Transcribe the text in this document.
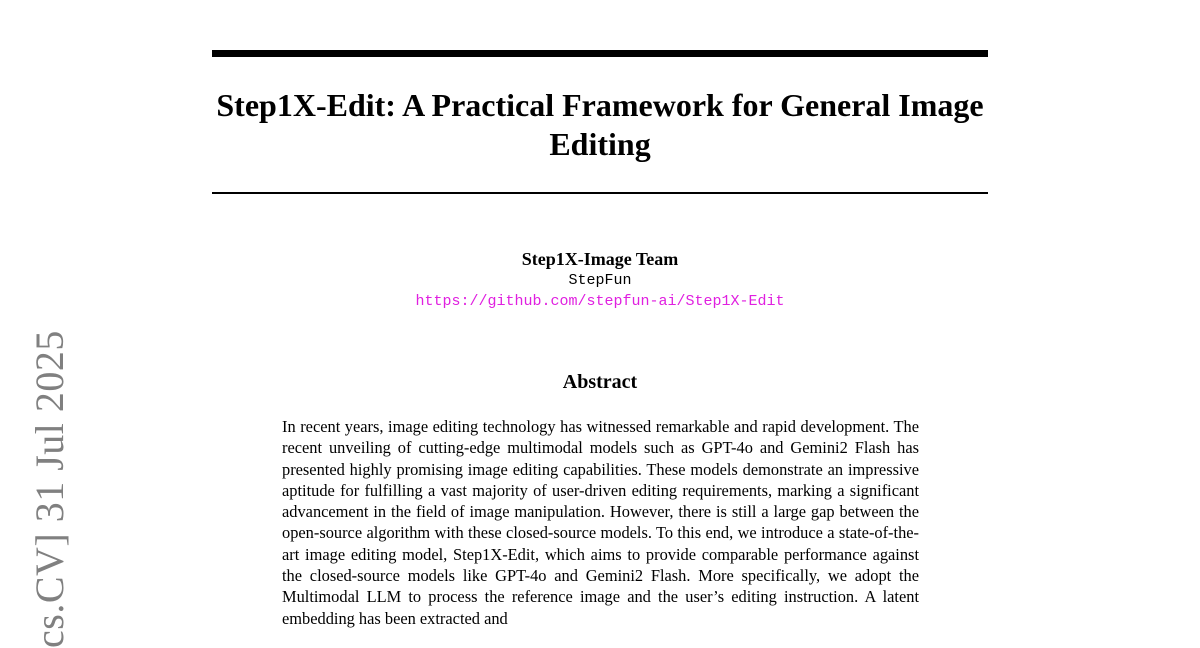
Step1X-Edit: A Practical Framework for General Image Editing
Step1X-Image Team
StepFun
https://github.com/stepfun-ai/Step1X-Edit
Abstract

In recent years, image editing technology has witnessed remarkable and rapid development. The recent unveiling of cutting-edge multimodal models such as GPT-4o and Gemini2 Flash has presented highly promising image editing capabilities. These models demonstrate an impressive aptitude for fulfilling a vast majority of user-driven editing requirements, marking a significant advancement in the field of image manipulation. However, there is still a large gap between the open-source algorithm with these closed-source models. To this end, we introduce a state-of-the-art image editing model, Step1X-Edit, which aims to provide comparable performance against the closed-source models like GPT-4o and Gemini2 Flash. More specifically, we adopt the Multimodal LLM to process the reference image and the user’s editing instruction. A latent embedding has been extracted and

cs.CV] 31 Jul 2025
